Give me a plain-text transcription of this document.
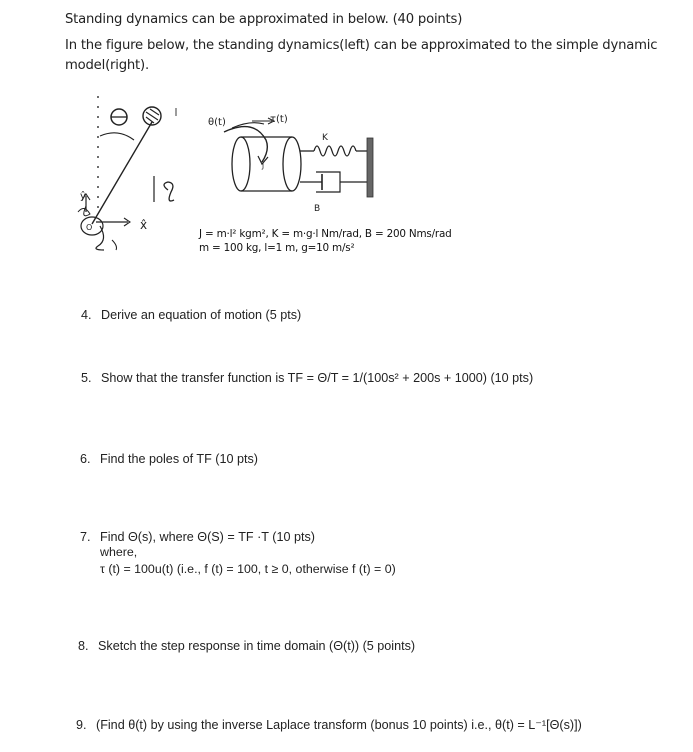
Standing dynamics can be approximated in below. (40 points)
In the figure below, the standing dynamics(left) can be approximated to the simple dynamic
model(right).
x̂
ŷ
O
θ(t)	τ(t)
J
K
B
J = m·l² kgm², K = m·g·l Nm/rad, B = 200 Nms/rad
m = 100 kg, l=1 m, g=10 m/s²
4. Derive an equation of motion (5 pts)
5. Show that the transfer function is TF = Θ/T = 1/(100s² + 200s + 1000) (10 pts)
6. Find the poles of TF (10 pts)
7. Find Θ(s), where Θ(S) = TF ·T (10 pts)
where,
τ (t) = 100u(t) (i.e., f (t) = 100, t ≥ 0, otherwise f (t) = 0)
8. Sketch the step response in time domain (Θ(t)) (5 points)
9. (Find θ(t) by using the inverse Laplace transform (bonus 10 points) i.e., θ(t) = L⁻¹[Θ(s)])
